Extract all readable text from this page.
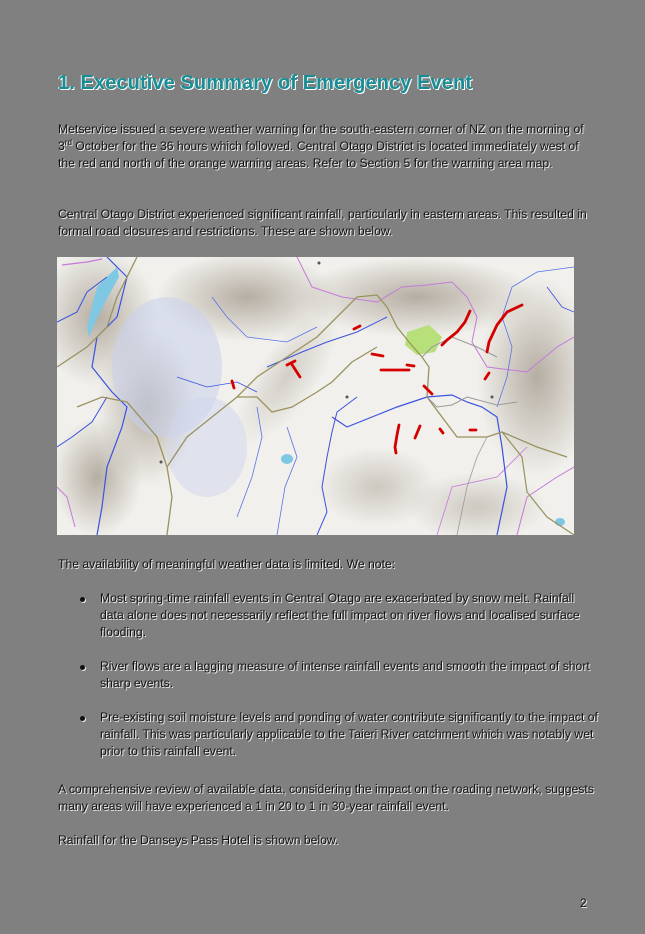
1. Executive Summary of Emergency Event

Metservice issued a severe weather warning for the south-eastern corner of NZ on the morning of 3rd October for the 36 hours which followed. Central Otago District is located immediately west of the red and north of the orange warning areas. Refer to Section 5 for the warning area map.

Central Otago District experienced significant rainfall, particularly in eastern areas. This resulted in formal road closures and restrictions. These are shown below.

The availability of meaningful weather data is limited. We note:

Most spring-time rainfall events in Central Otago are exacerbated by snow melt. Rainfall data alone does not necessarily reflect the full impact on river flows and localised surface flooding.
River flows are a lagging measure of intense rainfall events and smooth the impact of short sharp events.
Pre-existing soil moisture levels and ponding of water contribute significantly to the impact of rainfall. This was particularly applicable to the Taieri River catchment which was notably wet prior to this rainfall event.

A comprehensive review of available data, considering the impact on the roading network, suggests many areas will have experienced a 1 in 20 to 1 in 30-year rainfall event.

Rainfall for the Danseys Pass Hotel is shown below.

2
